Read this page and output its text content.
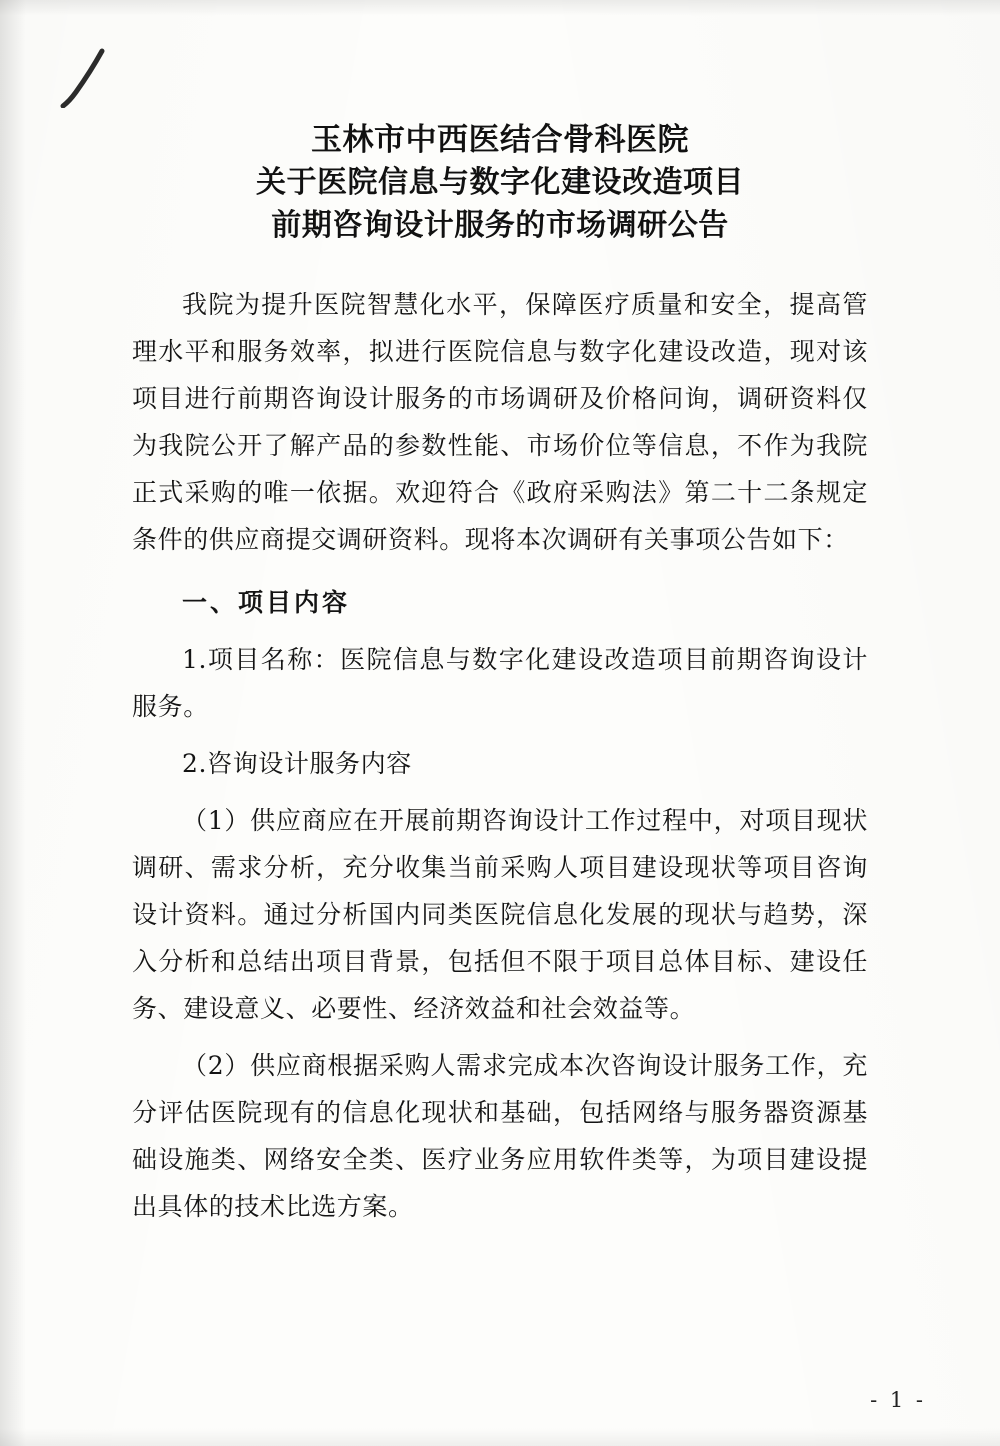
玉林市中西医结合骨科医院
关于医院信息与数字化建设改造项目
前期咨询设计服务的市场调研公告

我院为提升医院智慧化水平，保障医疗质量和安全，提高管理水平和服务效率，拟进行医院信息与数字化建设改造，现对该项目进行前期咨询设计服务的市场调研及价格问询，调研资料仅为我院公开了解产品的参数性能、市场价位等信息，不作为我院正式采购的唯一依据。欢迎符合《政府采购法》第二十二条规定条件的供应商提交调研资料。现将本次调研有关事项公告如下：

一、项目内容

1.项目名称：医院信息与数字化建设改造项目前期咨询设计服务。

2.咨询设计服务内容

（1）供应商应在开展前期咨询设计工作过程中，对项目现状调研、需求分析，充分收集当前采购人项目建设现状等项目咨询设计资料。通过分析国内同类医院信息化发展的现状与趋势，深入分析和总结出项目背景，包括但不限于项目总体目标、建设任务、建设意义、必要性、经济效益和社会效益等。

（2）供应商根据采购人需求完成本次咨询设计服务工作，充分评估医院现有的信息化现状和基础，包括网络与服务器资源基础设施类、网络安全类、医疗业务应用软件类等，为项目建设提出具体的技术比选方案。

- 1 -
